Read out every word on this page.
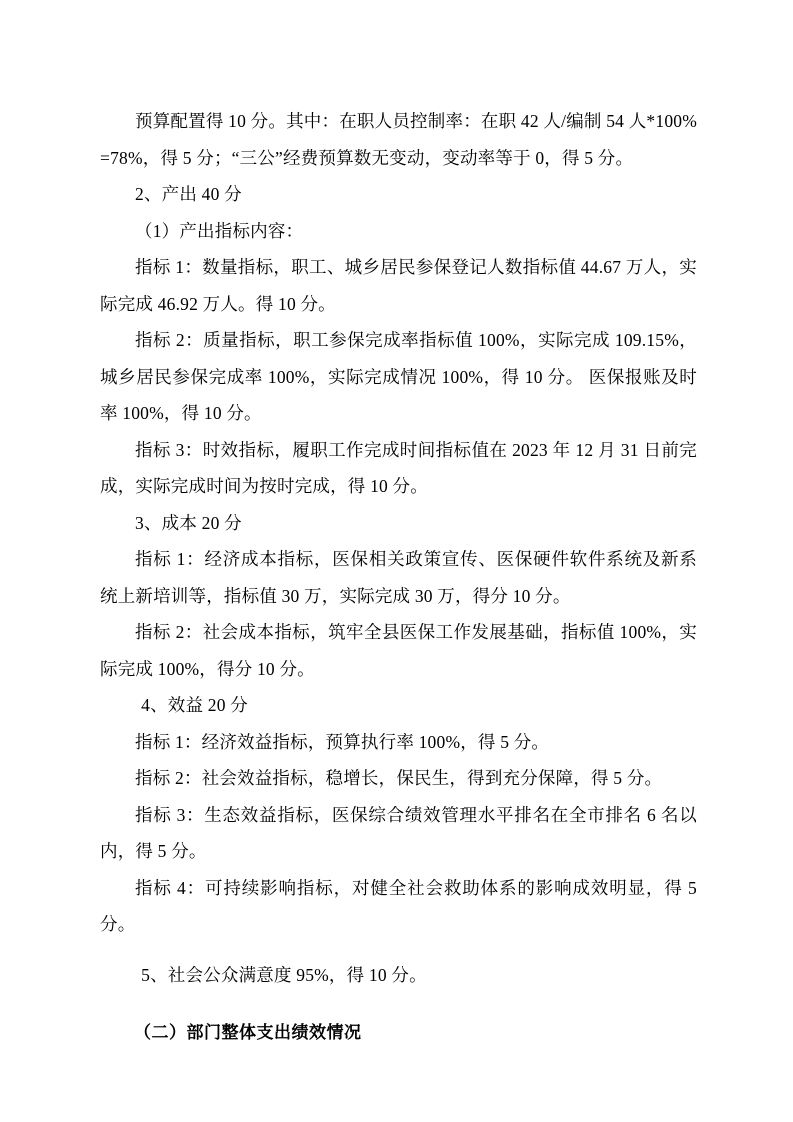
预算配置得 10 分。其中：在职人员控制率：在职 42 人/编制 54 人*100%=78%，得 5 分；“三公”经费预算数无变动，变动率等于 0，得 5 分。

2、产出 40 分

（1）产出指标内容：

指标 1：数量指标，职工、城乡居民参保登记人数指标值 44.67 万人，实际完成 46.92 万人。得 10 分。

指标 2：质量指标，职工参保完成率指标值 100%，实际完成 109.15%，城乡居民参保完成率 100%，实际完成情况 100%，得 10 分。 医保报账及时率 100%，得 10 分。

指标 3：时效指标，履职工作完成时间指标值在 2023 年 12 月 31 日前完成，实际完成时间为按时完成，得 10 分。

3、成本 20 分

指标 1：经济成本指标，医保相关政策宣传、医保硬件软件系统及新系统上新培训等，指标值 30 万，实际完成 30 万，得分 10 分。

指标 2：社会成本指标，筑牢全县医保工作发展基础，指标值 100%，实际完成 100%，得分 10 分。

4、效益 20 分

指标 1：经济效益指标，预算执行率 100%，得 5 分。

指标 2：社会效益指标，稳增长，保民生，得到充分保障，得 5 分。

指标 3：生态效益指标，医保综合绩效管理水平排名在全市排名 6 名以内，得 5 分。

指标 4：可持续影响指标，对健全社会救助体系的影响成效明显，得 5 分。

5、社会公众满意度 95%，得 10 分。

（二）部门整体支出绩效情况
